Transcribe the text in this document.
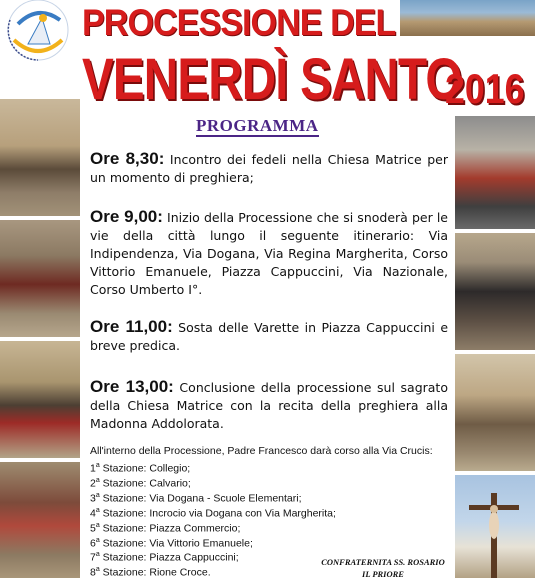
PROCESSIONE DEL
VENERDÌ SANTO
2016
PROGRAMMA
Ore 8,30: Incontro dei fedeli nella Chiesa Matrice per un momento di preghiera;
Ore 9,00: Inizio della Processione che si snoderà per le vie della città lungo il seguente itinerario: Via Indipendenza, Via Dogana, Via Regina Margherita, Corso Vittorio Emanuele, Piazza Cappuccini, Via Nazionale, Corso Umberto I°.
Ore 11,00: Sosta delle Varette in Piazza Cappuccini e breve predica.
Ore 13,00: Conclusione della processione sul sagrato della Chiesa Matrice con la recita della preghiera alla Madonna Addolorata.
All'interno della Processione, Padre Francesco darà corso alla Via Crucis:
1$^a$ Stazione: Collegio;
2$^a$ Stazione: Calvario;
3$^a$ Stazione: Via Dogana - Scuole Elementari;
4$^a$ Stazione: Incrocio via Dogana con Via Margherita;
5$^a$ Stazione: Piazza Commercio;
6$^a$ Stazione: Via Vittorio Emanuele;
7$^a$ Stazione: Piazza Cappuccini;
8$^a$ Stazione: Rione Croce.
CONFRATERNITA SS. ROSARIO
IL PRIORE
